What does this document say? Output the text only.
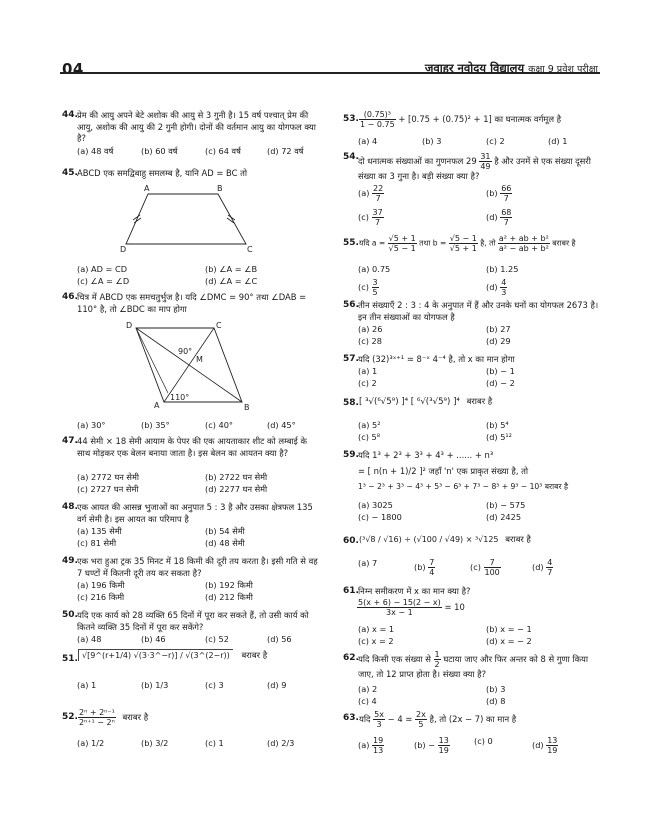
04	जवाहर नवोदय विद्यालय कक्षा 9 प्रवेश परीक्षा
44. प्रेम की आयु अपने बेटे अशोक की आयु से 3 गुनी है। 15 वर्ष पश्चात् प्रेम की आयु, अशोक की आयु की 2 गुनी होगी। दोनों की वर्तमान आयु का योगफल क्या है?
(a) 48 वर्ष	(b) 60 वर्ष	(c) 64 वर्ष	(d) 72 वर्ष
45. ABCD एक समद्विबाहु समलम्ब है, यानि AD = BC तो
A	B
C
D
(a) AD = CD	(b) ∠A = ∠B
(c) ∠A = ∠D	(d) ∠A = ∠C
46. चित्र में ABCD एक समचतुर्भुज है। यदि ∠DMC = 90° तथा ∠DAB = 110° है, तो ∠BDC का माप होगा
D	C
B
A
M
90°
110°
(a) 30°	(b) 35°	(c) 40°	(d) 45°
47. 44 सेमी × 18 सेमी आयाम के पेपर की एक आयताकार शीट को लम्बाई के साथ मोड़कर एक बेलन बनाया जाता है। इस बेलन का आयतन क्या है?
(a) 2772 घन सेमी	(b) 2722 घन सेमी
(c) 2727 घन सेमी	(d) 2277 घन सेमी
48. एक आयत की आसन्न भुजाओं का अनुपात 5 : 3 है और उसका क्षेत्रफल 135 वर्ग सेमी है। इस आयत का परिमाप है
(a) 135 सेमी	(b) 54 सेमी
(c) 81 सेमी	(d) 48 सेमी
49. एक भरा हुआ ट्रक 35 मिनट में 18 किमी की दूरी तय करता है। इसी गति से वह 7 घण्टों में कितनी दूरी तय कर सकता है?
(a) 196 किमी	(b) 192 किमी
(c) 216 किमी	(d) 212 किमी
50. यदि एक कार्य को 28 व्यक्ति 65 दिनों में पूरा कर सकते हैं, तो उसी कार्य को कितने व्यक्ति 35 दिनों में पूरा कर सकेंगे?
(a) 48	(b) 46	(c) 52	(d) 56
51. √[9^(r+1/4) √(3·3^−r)] / √(3^(2−r)) बराबर है
(a) 1	(b) 1/3	(c) 3	(d) 9
52. $\frac{\text{2ⁿ + 2ⁿ⁻¹}}{\text{2ⁿ⁺¹ − 2ⁿ}}$ बराबर है
(a) 1/2	(b) 3/2	(c) 1	(d) 2/3
53. $\frac{\text{(0.75)³}}{1 - 0.75} + [0.75 + (0.75)^2 + 1]$ का घनात्मक वर्गमूल है
(a) 4	(b) 3	(c) 2	(d) 1
54. दो धनात्मक संख्याओं का गुणनफल $29 \frac{31}{49}$ है और उनमें से एक संख्या दूसरी संख्या का 3 गुना है। बड़ी संख्या क्या है?
$(a) \frac{22}{7}$	$(b) \frac{66}{7}$
$(c) \frac{37}{7}$	$(d) \frac{68}{7}$
55. यदि $a = \frac{√5 + 1}{√5 - 1}$ तथा $b = \frac{√5 - 1}{√5 + 1}$ है, तो $\frac{\text{a² + ab + b²}}{\text{a² − ab + b²}}$ बराबर है
(a) 0.75	(b) 1.25
$(c) \frac{3}{5}$	$(d) \frac{4}{3}$
56. तीन संख्याएँ 2 : 3 : 4 के अनुपात में हैं और उनके घनों का योगफल 2673 है। इन तीन संख्याओं का योगफल है
(a) 26	(b) 27
(c) 28	(d) 29
57. यदि (32)³ˣ⁺¹ = 8⁻ˣ 4⁻⁴ है, तो x का मान होगा
(a) 1	(b) − 1
(c) 2	(d) − 2
58. [ ³√(⁶√5⁹) ]⁴ [ ⁶√(³√5⁹) ]⁴ बराबर है
(a) 5²	(b) 5⁴
(c) 5⁸	(d) 5¹²
59. यदि 1³ + 2³ + 3³ + 4³ + ...... + n³
= [ n(n + 1)/2 ]² जहाँ 'n' एक प्राकृत संख्या है, तो
1³ − 2³ + 3³ − 4³ + 5³ − 6³ + 7³ − 8³ + 9³ − 10³ बराबर है
(a) 3025	(b) − 575
(c) − 1800	(d) 2425
60. (³√8 / √16) ÷ (√100 / √49) × ³√125 बराबर है
(a) 7	$(b) \frac{7}{4}$	$(c) \frac{7}{100}$	$(d) \frac{4}{7}$
61. निम्न समीकरण में x का मान क्या है?
$\frac{5(x + 6) - 15(2 - x)}{3x - 1} = 10$
(a) x = 1	(b) x = − 1
(c) x = 2	(d) x = − 2
62. यदि किसी एक संख्या से $\frac{1}{2}$ घटाया जाए और फिर अन्तर को 8 से गुणा किया जाए, तो 12 प्राप्त होता है। संख्या क्या है?
(a) 2	(b) 3
(c) 4	(d) 8
63. यदि $\frac{5x}{3} - 4 = \frac{2x}{5}$ है, तो (2x − 7) का मान है
$(a) \frac{19}{13}$	$(b) - \frac{13}{19}$	(c) 0	$(d) \frac{13}{19}$
